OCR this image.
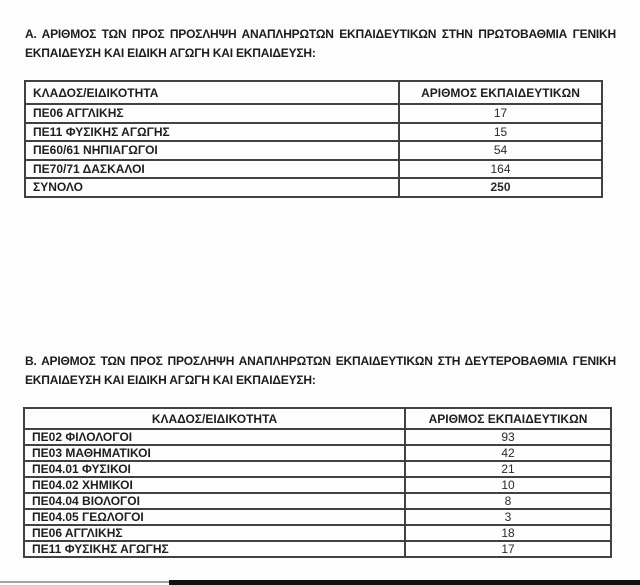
Α. ΑΡΙΘΜΟΣ ΤΩΝ ΠΡΟΣ ΠΡΟΣΛΗΨΗ ΑΝΑΠΛΗΡΩΤΩΝ ΕΚΠΑΙΔΕΥΤΙΚΩΝ ΣΤΗΝ ΠΡΩΤΟΒΑΘΜΙΑ ΓΕΝΙΚΗ
ΕΚΠΑΙΔΕΥΣΗ ΚΑΙ ΕΙΔΙΚΗ ΑΓΩΓΗ ΚΑΙ ΕΚΠΑΙΔΕΥΣΗ:
ΚΛΑΔΟΣ/ΕΙΔΙΚΟΤΗΤΑ	ΑΡΙΘΜΟΣ ΕΚΠΑΙΔΕΥΤΙΚΩΝ
ΠΕ06 ΑΓΓΛΙΚΗΣ	17
ΠΕ11 ΦΥΣΙΚΗΣ ΑΓΩΓΗΣ	15
ΠΕ60/61 ΝΗΠΙΑΓΩΓΟΙ	54
ΠΕ70/71 ΔΑΣΚΑΛΟΙ	164
ΣΥΝΟΛΟ	250
Β. ΑΡΙΘΜΟΣ ΤΩΝ ΠΡΟΣ ΠΡΟΣΛΗΨΗ ΑΝΑΠΛΗΡΩΤΩΝ ΕΚΠΑΙΔΕΥΤΙΚΩΝ ΣΤΗ ΔΕΥΤΕΡΟΒΑΘΜΙΑ ΓΕΝΙΚΗ
ΕΚΠΑΙΔΕΥΣΗ ΚΑΙ ΕΙΔΙΚΗ ΑΓΩΓΗ ΚΑΙ ΕΚΠΑΙΔΕΥΣΗ:
ΚΛΑΔΟΣ/ΕΙΔΙΚΟΤΗΤΑ	ΑΡΙΘΜΟΣ ΕΚΠΑΙΔΕΥΤΙΚΩΝ
ΠΕ02 ΦΙΛΟΛΟΓΟΙ	93
ΠΕ03 ΜΑΘΗΜΑΤΙΚΟΙ	42
ΠΕ04.01 ΦΥΣΙΚΟΙ	21
ΠΕ04.02 ΧΗΜΙΚΟΙ	10
ΠΕ04.04 ΒΙΟΛΟΓΟΙ	8
ΠΕ04.05 ΓΕΩΛΟΓΟΙ	3
ΠΕ06 ΑΓΓΛΙΚΗΣ	18
ΠΕ11 ΦΥΣΙΚΗΣ ΑΓΩΓΗΣ	17
